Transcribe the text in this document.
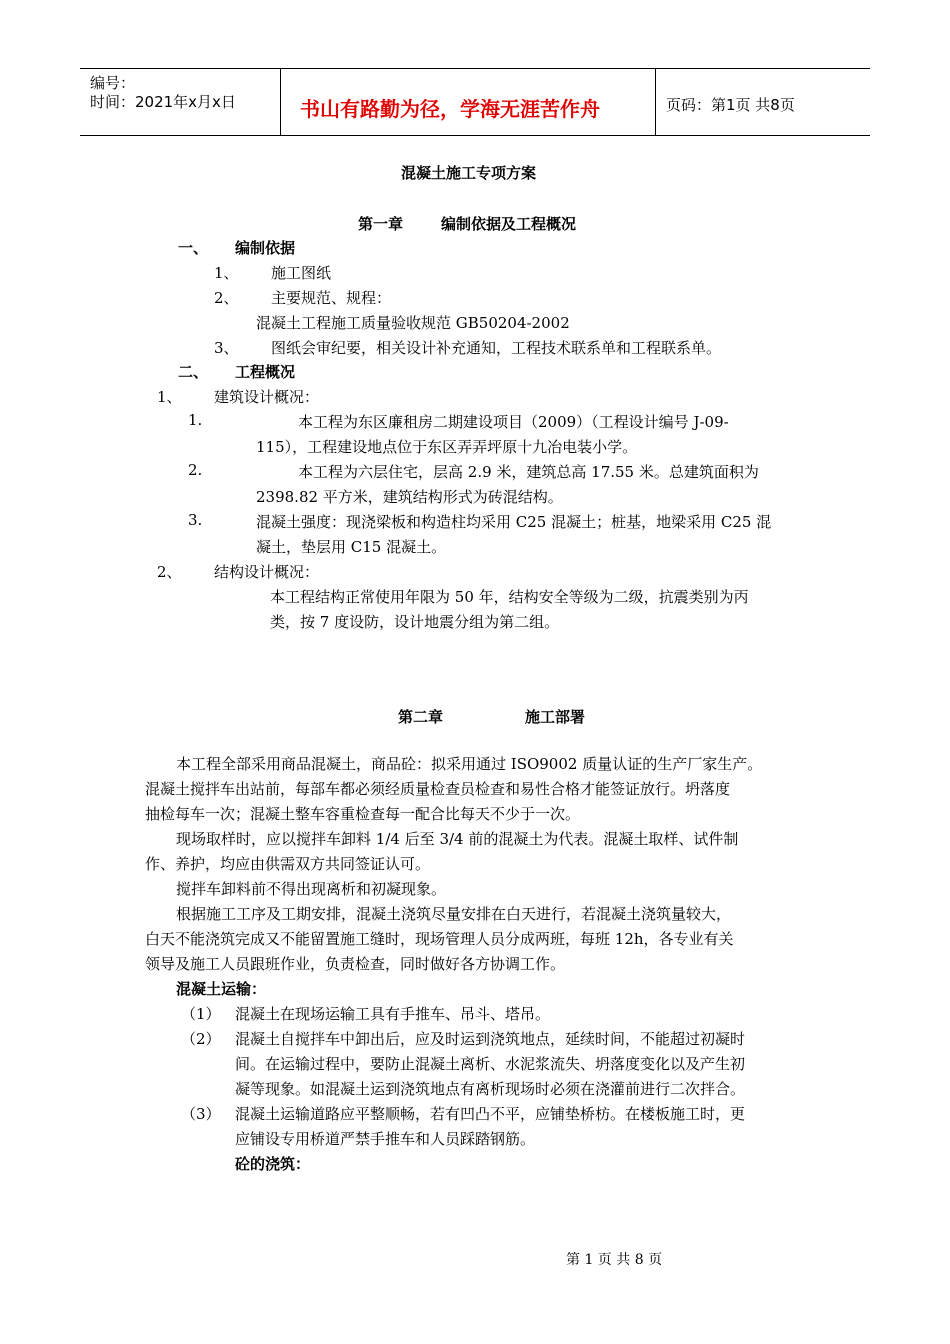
编号：
时间：2021年x月x日	书山有路勤为径，学海无涯苦作舟	页码：第1页 共8页
混凝土施工专项方案
第一章	编制依据及工程概况
一、 编制依据
1、 施工图纸
2、 主要规范、规程：
混凝土工程施工质量验收规范 GB50204-2002
3、 图纸会审纪要，相关设计补充通知，工程技术联系单和工程联系单。
二、 工程概况
1、 建筑设计概况：
1.	本工程为东区廉租房二期建设项目（2009）（工程设计编号 J-09-
115），工程建设地点位于东区弄弄坪原十九冶电装小学。
2.	本工程为六层住宅，层高 2.9 米，建筑总高 17.55 米。总建筑面积为
2398.82 平方米，建筑结构形式为砖混结构。
3.	混凝土强度：现浇梁板和构造柱均采用 C25 混凝土；桩基，地梁采用 C25 混
凝土，垫层用 C15 混凝土。
2、 结构设计概况：
本工程结构正常使用年限为 50 年，结构安全等级为二级，抗震类别为丙
类，按 7 度设防，设计地震分组为第二组。
第二章	施工部署
本工程全部采用商品混凝土，商品砼：拟采用通过 ISO9002 质量认证的生产厂家生产。
混凝土搅拌车出站前，每部车都必须经质量检查员检查和易性合格才能签证放行。坍落度
抽检每车一次；混凝土整车容重检查每一配合比每天不少于一次。
现场取样时，应以搅拌车卸料 1/4 后至 3/4 前的混凝土为代表。混凝土取样、试件制
作、养护，均应由供需双方共同签证认可。
搅拌车卸料前不得出现离析和初凝现象。
根据施工工序及工期安排，混凝土浇筑尽量安排在白天进行，若混凝土浇筑量较大，
白天不能浇筑完成又不能留置施工缝时，现场管理人员分成两班，每班 12h，各专业有关
领导及施工人员跟班作业，负责检查，同时做好各方协调工作。
混凝土运输：
（1） 混凝土在现场运输工具有手推车、吊斗、塔吊。
（2） 混凝土自搅拌车中卸出后，应及时运到浇筑地点，延续时间，不能超过初凝时
间。在运输过程中，要防止混凝土离析、水泥浆流失、坍落度变化以及产生初
凝等现象。如混凝土运到浇筑地点有离析现场时必须在浇灌前进行二次拌合。
（3） 混凝土运输道路应平整顺畅，若有凹凸不平，应铺垫桥枋。在楼板施工时，更
应铺设专用桥道严禁手推车和人员踩踏钢筋。
砼的浇筑：
第 1 页 共 8 页
